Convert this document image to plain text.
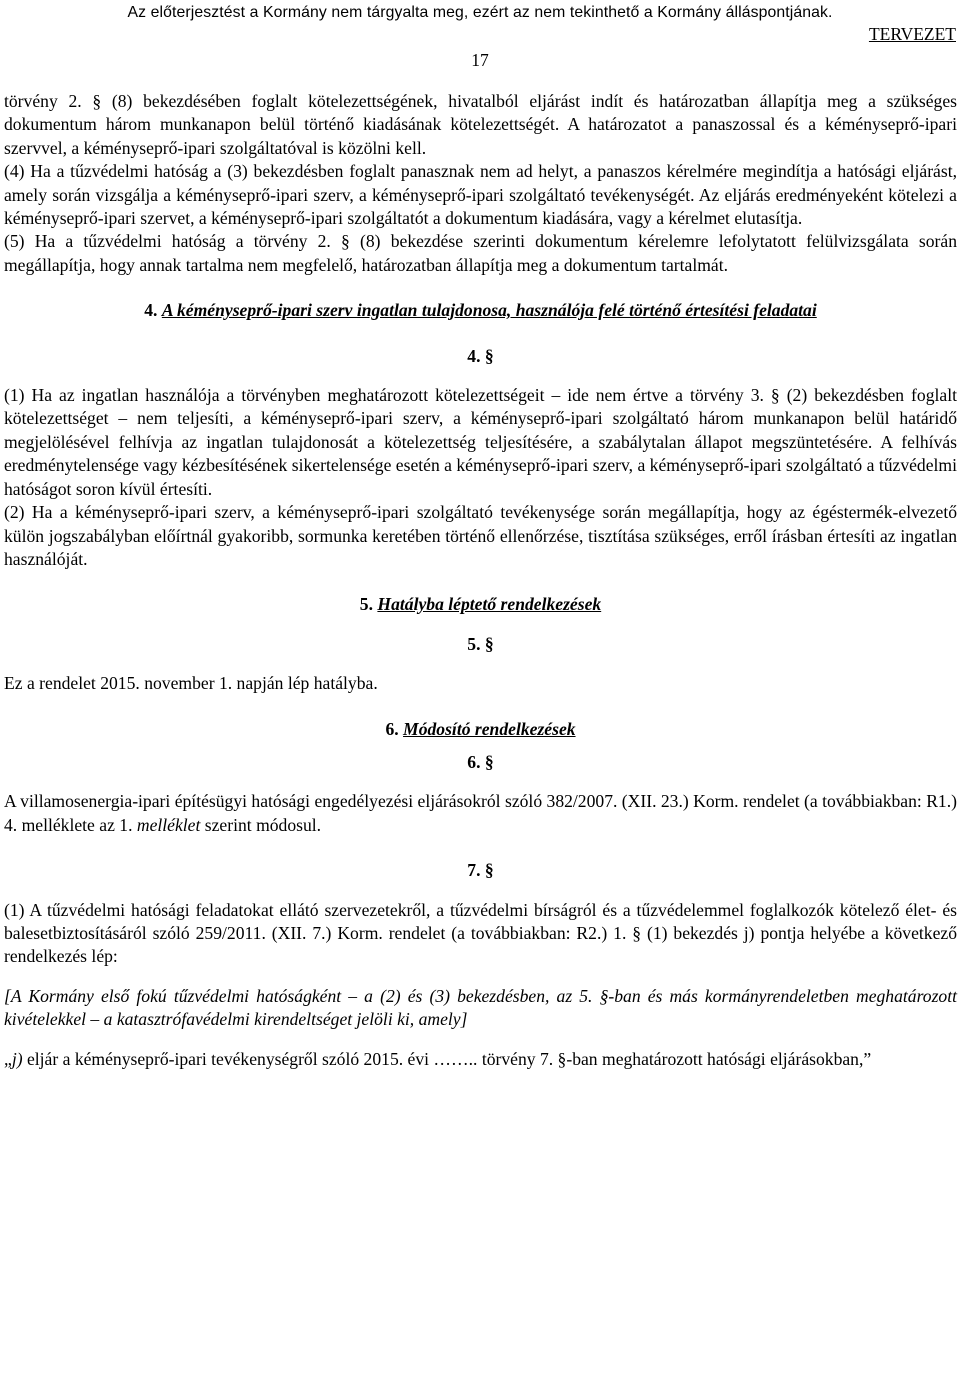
Az előterjesztést a Kormány nem tárgyalta meg, ezért az nem tekinthető a Kormány álláspontjának.
TERVEZET
17

törvény 2. § (8) bekezdésében foglalt kötelezettségének, hivatalból eljárást indít és határozatban állapítja meg a szükséges dokumentum három munkanapon belül történő kiadásának kötelezettségét. A határozatot a panaszossal és a kéményseprő-ipari szervvel, a kéményseprő-ipari szolgáltatóval is közölni kell.

(4) Ha a tűzvédelmi hatóság a (3) bekezdésben foglalt panasznak nem ad helyt, a panaszos kérelmére megindítja a hatósági eljárást, amely során vizsgálja a kéményseprő-ipari szerv, a kéményseprő-ipari szolgáltató tevékenységét. Az eljárás eredményeként kötelezi a kéményseprő-ipari szervet, a kéményseprő-ipari szolgáltatót a dokumentum kiadására, vagy a kérelmet elutasítja.

(5) Ha a tűzvédelmi hatóság a törvény 2. § (8) bekezdése szerinti dokumentum kérelemre lefolytatott felülvizsgálata során megállapítja, hogy annak tartalma nem megfelelő, határozatban állapítja meg a dokumentum tartalmát.

4. A kéményseprő-ipari szerv ingatlan tulajdonosa, használója felé történő értesítési feladatai

4. §

(1) Ha az ingatlan használója a törvényben meghatározott kötelezettségeit – ide nem értve a törvény 3. § (2) bekezdésben foglalt kötelezettséget – nem teljesíti, a kéményseprő-ipari szerv, a kéményseprő-ipari szolgáltató három munkanapon belül határidő megjelölésével felhívja az ingatlan tulajdonosát a kötelezettség teljesítésére, a szabálytalan állapot megszüntetésére. A felhívás eredménytelensége vagy kézbesítésének sikertelensége esetén a kéményseprő-ipari szerv, a kéményseprő-ipari szolgáltató a tűzvédelmi hatóságot soron kívül értesíti.

(2) Ha a kéményseprő-ipari szerv, a kéményseprő-ipari szolgáltató tevékenysége során megállapítja, hogy az égéstermék-elvezető külön jogszabályban előírtnál gyakoribb, sormunka keretében történő ellenőrzése, tisztítása szükséges, erről írásban értesíti az ingatlan használóját.

5. Hatályba léptető rendelkezések

5. §

Ez a rendelet 2015. november 1. napján lép hatályba.

6. Módosító rendelkezések

6. §

A villamosenergia-ipari építésügyi hatósági engedélyezési eljárásokról szóló 382/2007. (XII. 23.) Korm. rendelet (a továbbiakban: R1.) 4. melléklete az 1. melléklet szerint módosul.

7. §

(1) A tűzvédelmi hatósági feladatokat ellátó szervezetekről, a tűzvédelmi bírságról és a tűzvédelemmel foglalkozók kötelező élet- és balesetbiztosításáról szóló 259/2011. (XII. 7.) Korm. rendelet (a továbbiakban: R2.) 1. § (1) bekezdés j) pontja helyébe a következő rendelkezés lép:

[A Kormány első fokú tűzvédelmi hatóságként – a (2) és (3) bekezdésben, az 5. §-ban és más kormányrendeletben meghatározott kivételekkel – a katasztrófavédelmi kirendeltséget jelöli ki, amely]

„j) eljár a kéményseprő-ipari tevékenységről szóló 2015. évi …….. törvény 7. §-ban meghatározott hatósági eljárásokban,”
